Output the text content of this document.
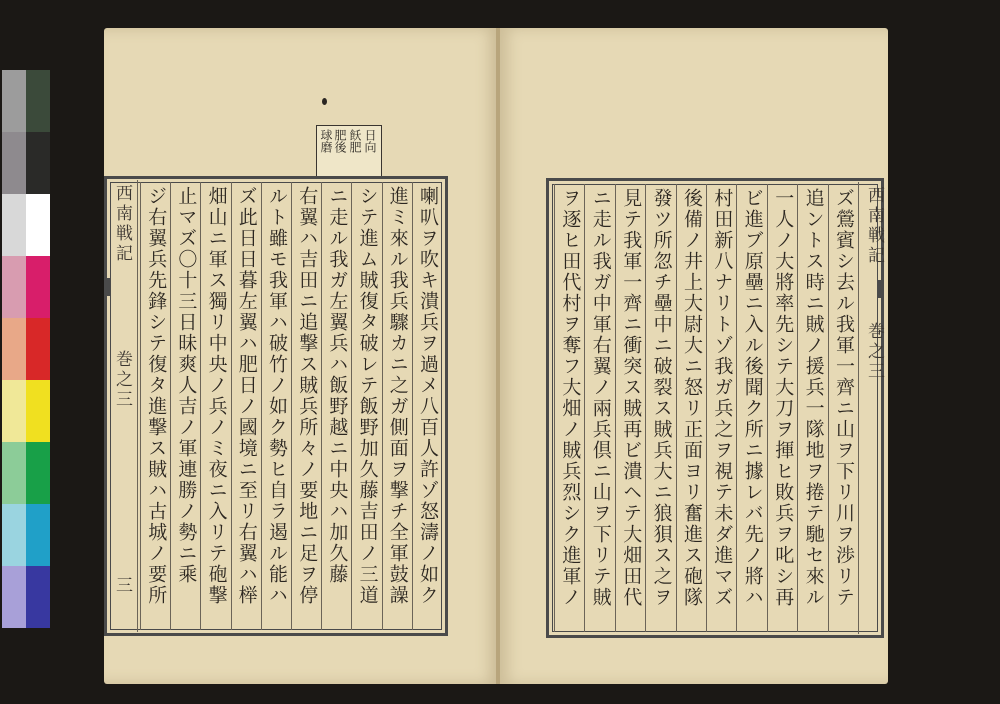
日向
飫肥
肥後
球磨
西南戦記  巻之三  三	喇叭ヲ吹キ潰兵ヲ過メ八百人許ゾ怒濤ノ如ク
進ミ來ル我兵驟カニ之ガ側面ヲ撃チ全軍鼓譟
シテ進ム賊復タ破レテ飯野加久藤吉田ノ三道
ニ走ル我ガ左翼兵ハ飯野越ニ中央ハ加久藤
右翼ハ吉田ニ追撃ス賊兵所々ノ要地ニ足ヲ停
ルト雖モ我軍ハ破竹ノ如ク勢ヒ自ラ遏ル能ハ
ズ此日日暮左翼ハ肥日ノ國境ニ至リ右翼ハ榉
畑山ニ軍ス獨リ中央ノ兵ノミ夜ニ入リテ砲撃
止マズ〇十三日昧爽人吉ノ軍連勝ノ勢ニ乘
ジ右翼兵先鋒シテ復タ進撃ス賊ハ古城ノ要所	西南戦記  巻之三
ズ鶯賓シ去ル我軍一齊ニ山ヲ下リ川ヲ渉リテ
追ントス時ニ賊ノ援兵一隊地ヲ捲テ馳セ來ル
一人ノ大將率先シテ大刀ヲ揮ヒ敗兵ヲ叱シ再
ビ進ブ原壘ニ入ル後聞ク所ニ據レバ先ノ將ハ
村田新八ナリトゾ我ガ兵之ヲ視テ未ダ進マズ
後備ノ井上大尉大ニ怒リ正面ヨリ奮進ス砲隊
發ツ所忽チ壘中ニ破裂ス賊兵大ニ狼狽ス之ヲ
見テ我軍一齊ニ衝突ス賊再ビ潰ヘテ大畑田代
ニ走ル我ガ中軍右翼ノ兩兵倶ニ山ヲ下リテ賊
ヲ逐ヒ田代村ヲ奪フ大畑ノ賊兵烈シク進軍ノ
